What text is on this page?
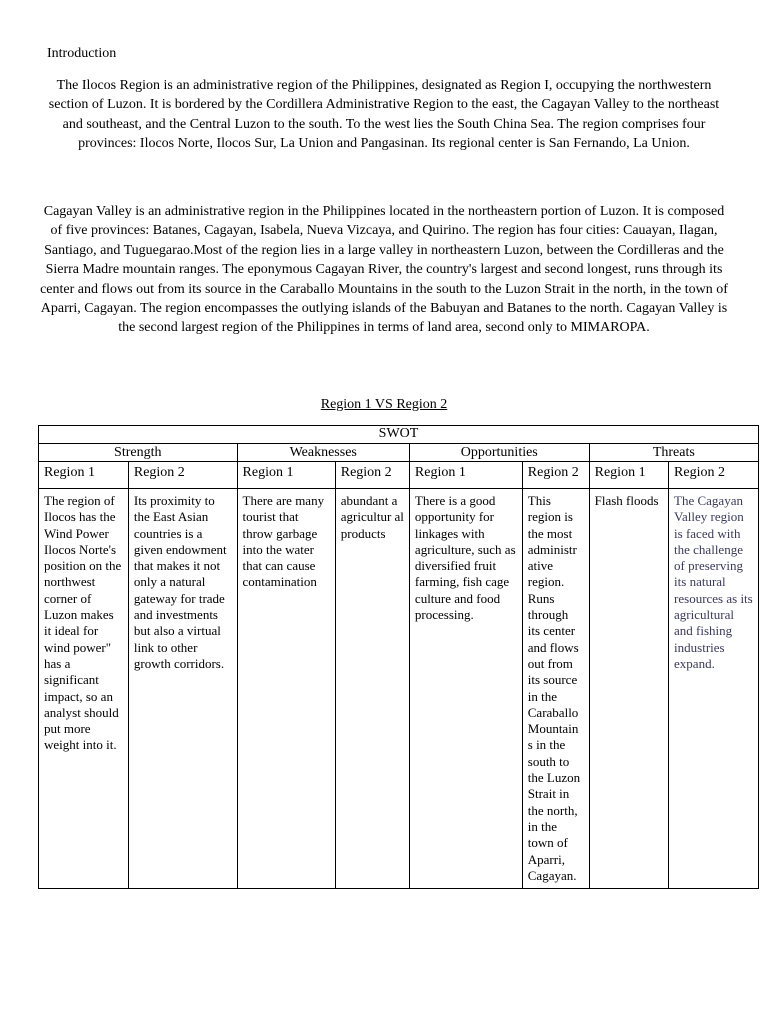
Introduction

The Ilocos Region is an administrative region of the Philippines, designated as Region I, occupying the northwestern section of Luzon. It is bordered by the Cordillera Administrative Region to the east, the Cagayan Valley to the northeast and southeast, and the Central Luzon to the south. To the west lies the South China Sea. The region comprises four provinces: Ilocos Norte, Ilocos Sur, La Union and Pangasinan. Its regional center is San Fernando, La Union.

Cagayan Valley is an administrative region in the Philippines located in the northeastern portion of Luzon. It is composed of five provinces: Batanes, Cagayan, Isabela, Nueva Vizcaya, and Quirino. The region has four cities: Cauayan, Ilagan, Santiago, and Tuguegarao.Most of the region lies in a large valley in northeastern Luzon, between the Cordilleras and the Sierra Madre mountain ranges. The eponymous Cagayan River, the country's largest and second longest, runs through its center and flows out from its source in the Caraballo Mountains in the south to the Luzon Strait in the north, in the town of Aparri, Cagayan. The region encompasses the outlying islands of the Babuyan and Batanes to the north. Cagayan Valley is the second largest region of the Philippines in terms of land area, second only to MIMAROPA.

Region 1 VS Region 2
SWOT							
Strength		Weaknesses		Opportunities		Threats	
Region 1	Region 2	Region 1	Region 2	Region 1	Region 2	Region 1	Region 2
The region of Ilocos has the Wind Power Ilocos Norte's position on the northwest corner of Luzon makes it ideal for wind power" has a significant impact, so an analyst should put more weight into it.	Its proximity to the East Asian countries is a given endowment that makes it not only a natural gateway for trade and investments but also a virtual link to other growth corridors.	There are many tourist that throw garbage into the water that can cause contamination	abundant a agricultur al products	There is a good opportunity for linkages with agriculture, such as diversified fruit farming, fish cage culture and food processing.	This region is the most administr ative region. Runs through its center and flows out from its source in the Caraballo Mountain s in the south to the Luzon Strait in the north, in the town of Aparri, Cagayan.	Flash floods	The Cagayan Valley region is faced with the challenge of preserving its natural resources as its agricultural and fishing industries expand.
